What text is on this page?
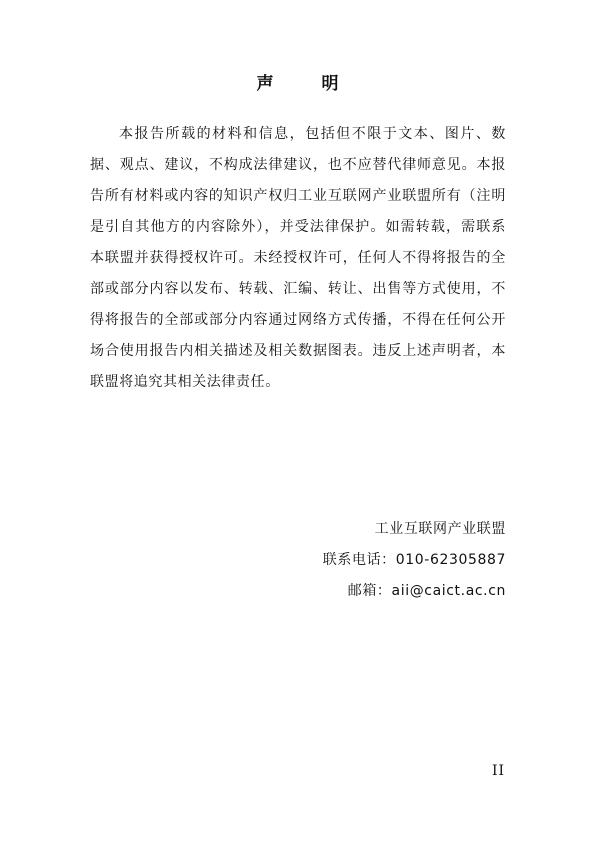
声明

本报告所载的材料和信息，包括但不限于文本、图片、数据、观点、建议，不构成法律建议，也不应替代律师意见。本报告所有材料或内容的知识产权归工业互联网产业联盟所有（注明是引自其他方的内容除外），并受法律保护。如需转载，需联系本联盟并获得授权许可。未经授权许可，任何人不得将报告的全部或部分内容以发布、转载、汇编、转让、出售等方式使用，不得将报告的全部或部分内容通过网络方式传播，不得在任何公开场合使用报告内相关描述及相关数据图表。违反上述声明者，本联盟将追究其相关法律责任。

工业互联网产业联盟
联系电话：010-62305887
邮箱：aii@caict.ac.cn
II
